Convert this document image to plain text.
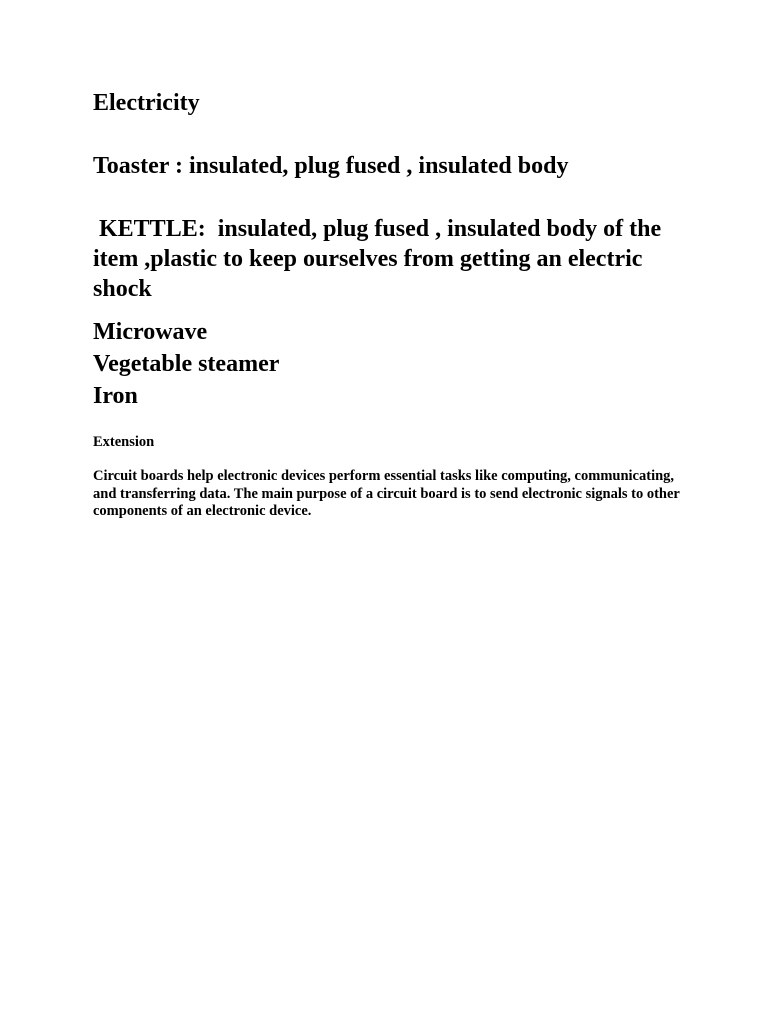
Electricity

Toaster : insulated, plug fused , insulated body

KETTLE:  insulated, plug fused , insulated body of the item ,plastic to keep ourselves from getting an electric shock

Microwave

Vegetable steamer

Iron

Extension

Circuit boards help electronic devices perform essential tasks like computing, communicating, and transferring data. The main purpose of a circuit board is to send electronic signals to other components of an electronic device.
